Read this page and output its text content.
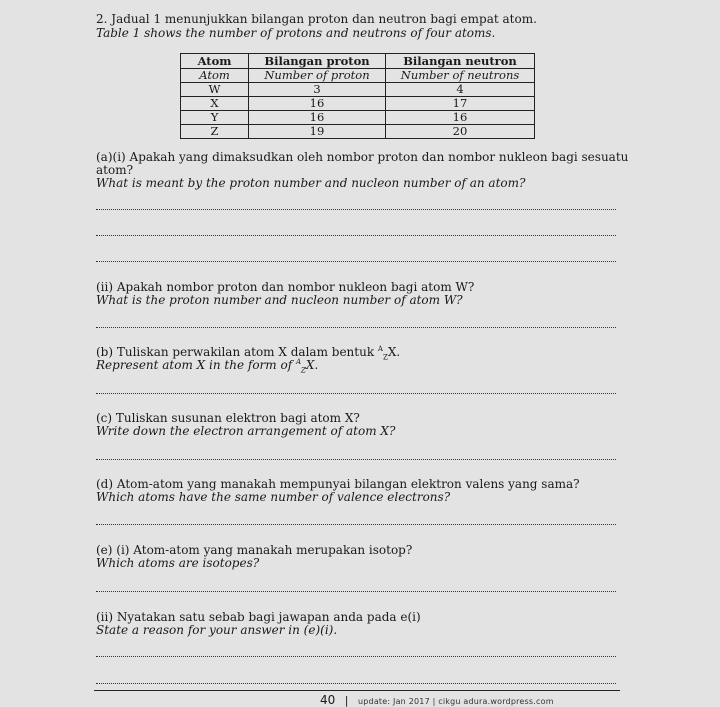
2. Jadual 1 menunjukkan bilangan proton dan neutron bagi empat atom.
Table 1 shows the number of protons and neutrons of four atoms.
Atom	Bilangan proton	Bilangan neutron
Atom	Number of proton	Number of neutrons
W	3	4
X	16	17
Y	16	16
Z	19	20
(a)(i) Apakah yang dimaksudkan oleh nombor proton dan nombor nukleon bagi sesuatu
atom?
What is meant by the proton number and nucleon number of an atom?
(ii) Apakah nombor proton dan nombor nukleon bagi atom W?
What is the proton number and nucleon number of atom W?
(b) Tuliskan perwakilan atom X dalam bentuk $^A_Z$X.
Represent atom X in the form of $^A_Z$X.
(c) Tuliskan susunan elektron bagi atom X?
Write down the electron arrangement of atom X?
(d) Atom-atom yang manakah mempunyai bilangan elektron valens yang sama?
Which atoms have the same number of valence electrons?
(e) (i) Atom-atom yang manakah merupakan isotop?
Which atoms are isotopes?
(ii) Nyatakan satu sebab bagi jawapan anda pada e(i)
State a reason for your answer in (e)(i).
40 | update: Jan 2017 | cikgu adura.wordpress.com
